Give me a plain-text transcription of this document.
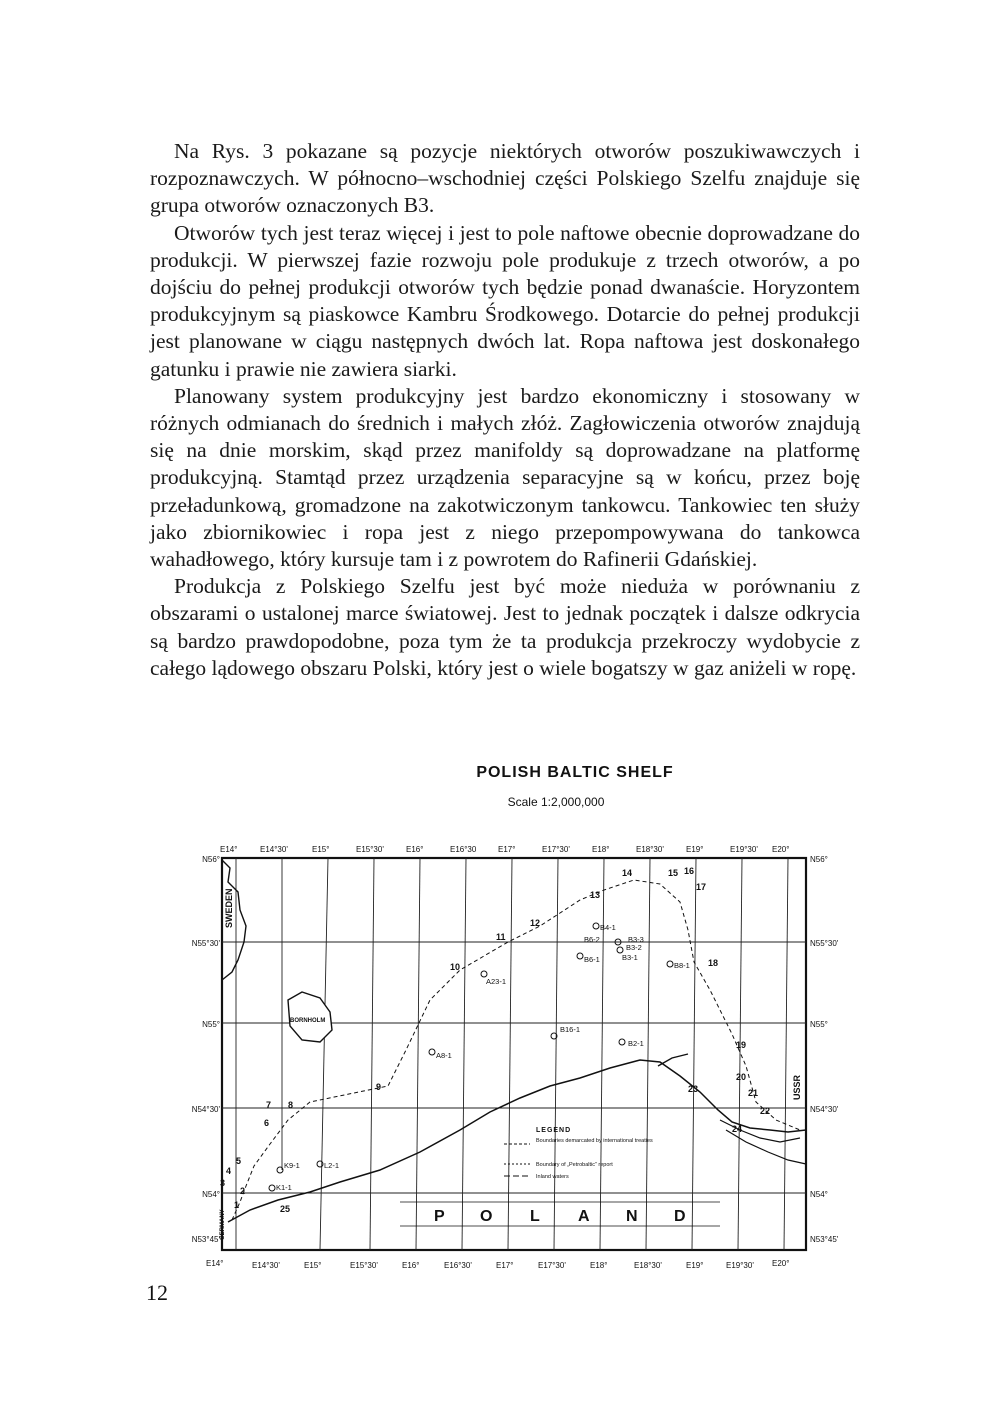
Na Rys. 3 pokazane są pozycje niektórych otworów poszukiwawczych i rozpoznawczych. W północno–wschodniej części Polskiego Szelfu znajduje się grupa otworów oznaczonych B3.

Otworów tych jest teraz więcej i jest to pole naftowe obecnie doprowadzane do produkcji. W pierwszej fazie rozwoju pole produkuje z trzech otworów, a po dojściu do pełnej produkcji otworów tych będzie ponad dwanaście. Horyzontem produkcyjnym są piaskowce Kambru Środkowego. Dotarcie do pełnej produkcji jest planowane w ciągu następnych dwóch lat. Ropa naftowa jest doskonałego gatunku i prawie nie zawiera siarki.

Planowany system produkcyjny jest bardzo ekonomiczny i stosowany w różnych odmianach do średnich i małych złóż. Zagłowiczenia otworów znajdują się na dnie morskim, skąd przez manifoldy są doprowadzane na platformę produkcyjną. Stamtąd przez urządzenia separacyjne są w końcu, przez boję przeładunkową, gromadzone na zakotwiczonym tankowcu. Tankowiec ten służy jako zbiornikowiec i ropa jest z niego przepompowywana do tankowca wahadłowego, który kursuje tam i z powrotem do Rafinerii Gdańskiej.

Produkcja z Polskiego Szelfu jest być może nieduża w porównaniu z obszarami o ustalonej marce światowej. Jest to jednak początek i dalsze odkrycia są bardzo prawdopodobne, poza tym że ta produkcja przekroczy wydobycie z całego lądowego obszaru Polski, który jest o wiele bogatszy w gaz aniżeli w ropę.

POLISH BALTIC SHELF
Scale 1:2,000,000
E14°	E14°30'	E15°	E15°30'	E16°	E16°30	E17°	E17°30'	E18°	E18°30'	E19°	E19°30' E20°
E14°	E14°30'	E15°	E15°30'	E16°	E16°30'	E17°	E17°30'	E18°	E18°30'	E19°	E19°30' E20°
N56°
N55°30'
N55°
N54°30'
N54°
N53°45'
N56°
N55°30'
N55°
N54°30'
N54°
N53°45'
SWEDEN
BORNHOLM
GERMANY
USSR
P O L A N D
1
2
3
4
5
6
7 8
9
10
11
12
13
14	15 16
17
18
19
20
21
22
23
24
25
B4-1
B6-2	B3-3
B3-2
B3-1
B6-1
B8-1
A23-1
B16-1
B2-1
A8-1
K9-1	L2-1
K1-1
LEGEND
Boundaries demarcated by international treaties
Boundary of „Petrobaltic” report
Inland waters
12
